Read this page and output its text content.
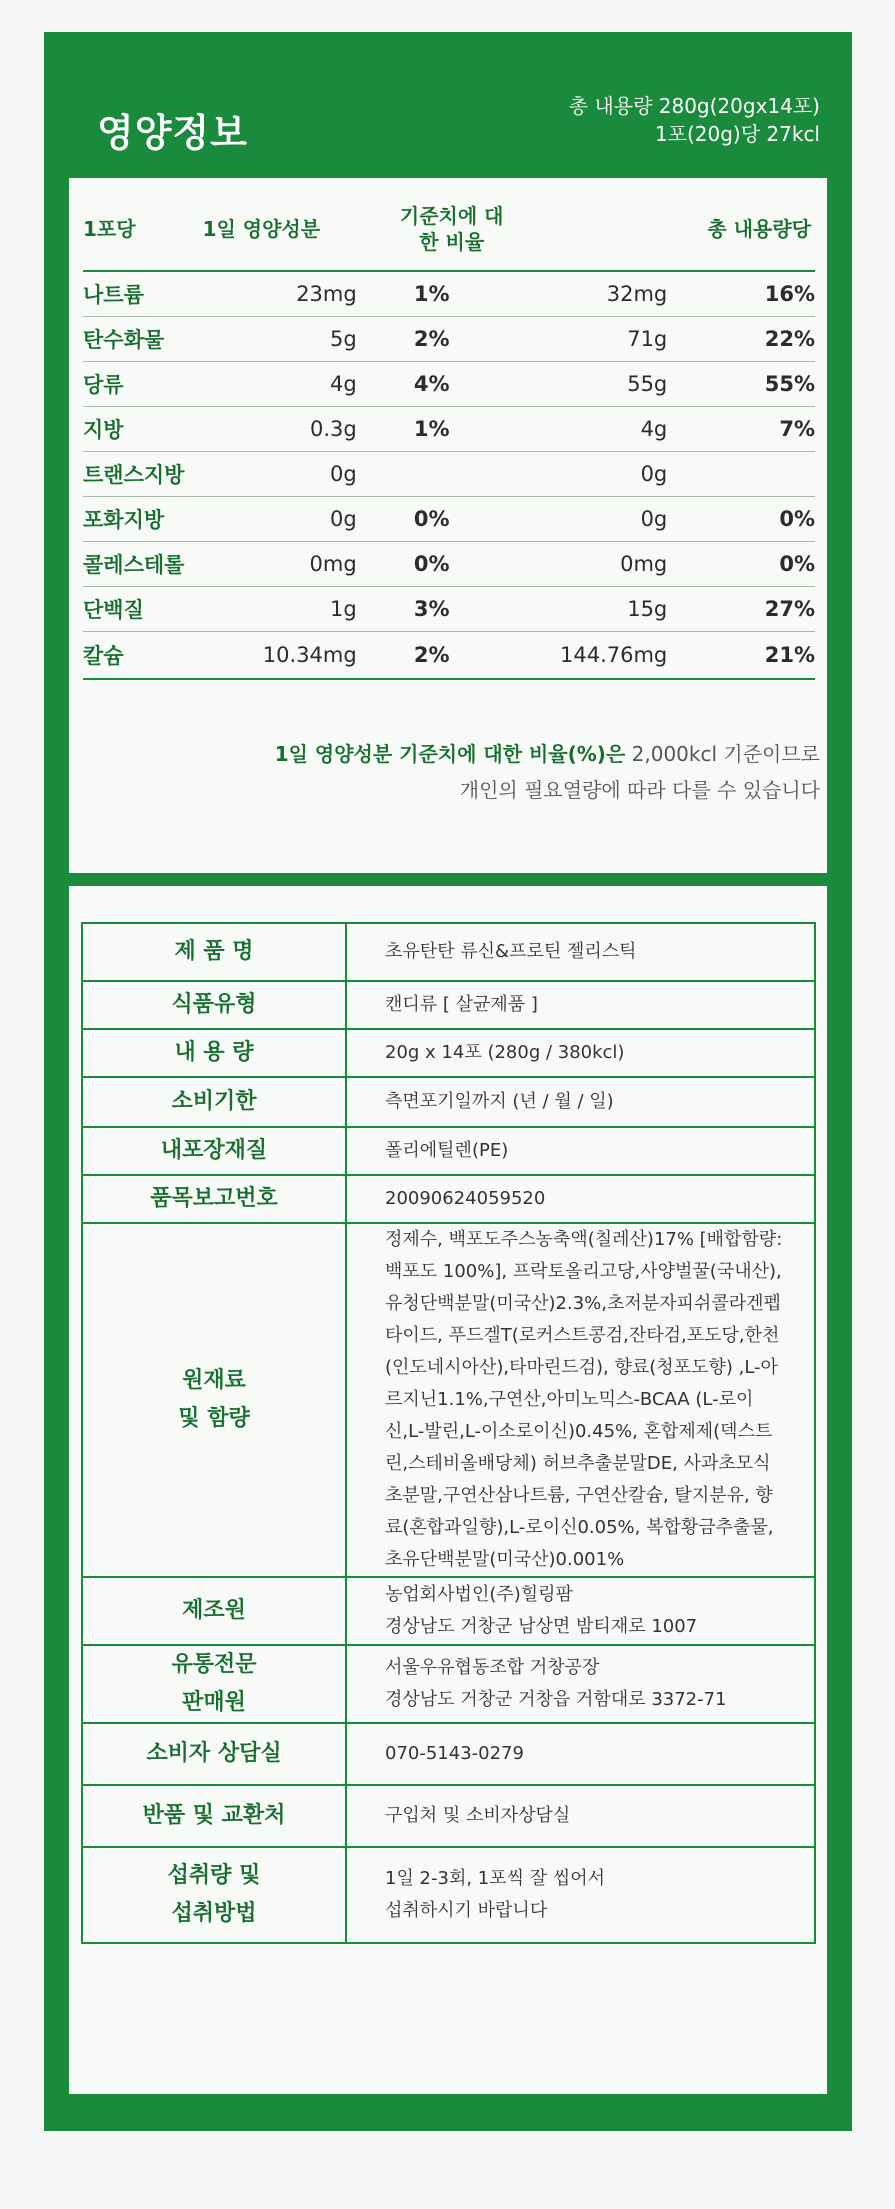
영양정보
총 내용량 280g(20gx14포)
1포(20g)당 27kcl
1포당	1일 영양성분	기준치에 대한 비율		총 내용량당
나트륨	23mg	1%	32mg	16%
탄수화물	5g	2%	71g	22%
당류	4g	4%	55g	55%
지방	0.3g	1%	4g	7%
트랜스지방	0g		0g	
포화지방	0g	0%	0g	0%
콜레스테롤	0mg	0%	0mg	0%
단백질	1g	3%	15g	27%
칼슘	10.34mg	2%	144.76mg	21%
1일 영양성분 기준치에 대한 비율(%)은 2,000kcl 기준이므로
개인의 필요열량에 따라 다를 수 있습니다
제 품 명	초유탄탄 류신&프로틴 젤리스틱
식품유형	캔디류 [ 살균제품 ]
내 용 량	20g x 14포 (280g / 380kcl)
소비기한	측면포기일까지 (년 / 월 / 일)
내포장재질	폴리에틸렌(PE)
품목보고번호	20090624059520
원재료
및 함량	정제수, 백포도주스농축액(칠레산)17% [배합함량:백포도 100%], 프락토올리고당,사양벌꿀(국내산), 유청단백분말(미국산)2.3%,초저분자피쉬콜라겐펩타이드, 푸드겔T(로커스트콩검,잔타검,포도당,한천(인도네시아산),타마린드검), 향료(청포도향) ,L-아르지닌1.1%,구연산,아미노믹스-BCAA (L-로이신,L-발린,L-이소로이신)0.45%, 혼합제제(덱스트린,스테비올배당체) 허브추출분말DE, 사과초모식초분말,구연산삼나트륨, 구연산칼슘, 탈지분유, 향료(혼합과일향),L-로이신0.05%, 복합황금추출물, 초유단백분말(미국산)0.001%
제조원	농업회사법인(주)힐링팜
경상남도 거창군 남상면 밤티재로 1007
유통전문
판매원	서울우유협동조합 거창공장
경상남도 거창군 거창읍 거함대로 3372-71
소비자 상담실	070-5143-0279
반품 및 교환처	구입처 및 소비자상담실
섭취량 및
섭취방법	1일 2-3회, 1포씩 잘 씹어서
섭취하시기 바랍니다
